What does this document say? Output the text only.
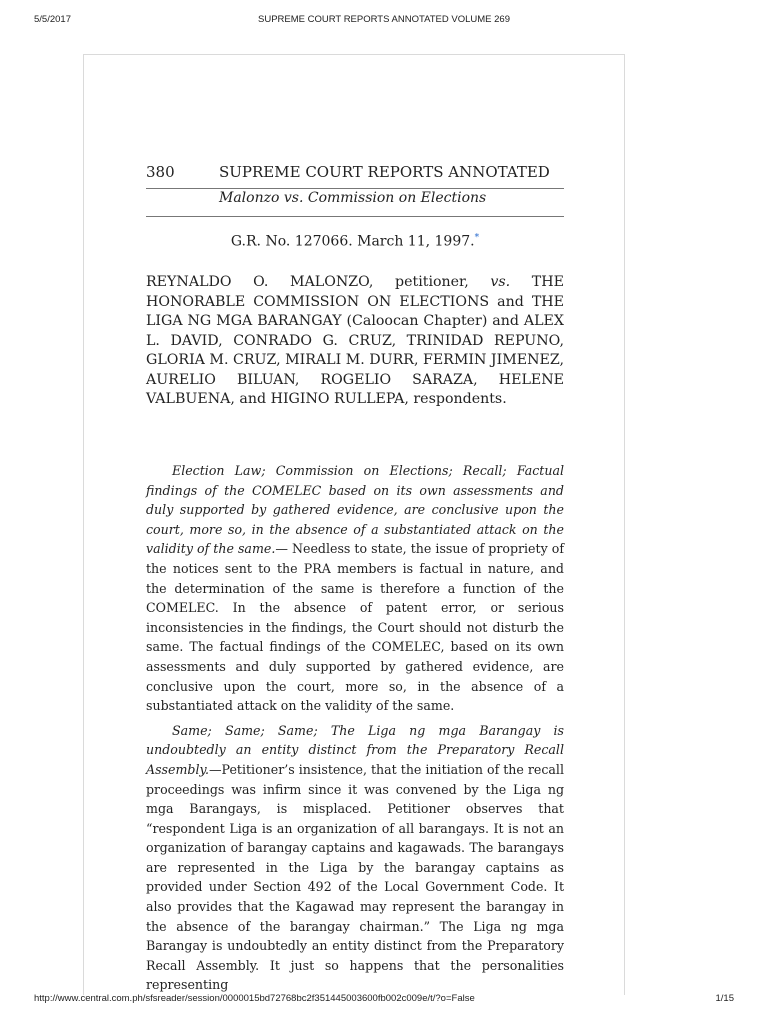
5/5/2017	SUPREME COURT REPORTS ANNOTATED VOLUME 269
380	SUPREME COURT REPORTS ANNOTATED
Malonzo vs. Commission on Elections
G.R. No. 127066. March 11, 1997.*

REYNALDO O. MALONZO, petitioner, vs. THE HONORABLE COMMISSION ON ELECTIONS and THE LIGA NG MGA BARANGAY (Caloocan Chapter) and ALEX L. DAVID, CONRADO G. CRUZ, TRINIDAD REPUNO, GLORIA M. CRUZ, MIRALI M. DURR, FERMIN JIMENEZ, AURELIO BILUAN, ROGELIO SARAZA, HELENE VALBUENA, and HIGINO RULLEPA, respondents.

Election Law; Commission on Elections; Recall; Factual findings of the COMELEC based on its own assessments and duly supported by gathered evidence, are conclusive upon the court, more so, in the absence of a substantiated attack on the validity of the same.— Needless to state, the issue of propriety of the notices sent to the PRA members is factual in nature, and the determination of the same is therefore a function of the COMELEC. In the absence of patent error, or serious inconsistencies in the findings, the Court should not disturb the same. The factual findings of the COMELEC, based on its own assessments and duly supported by gathered evidence, are conclusive upon the court, more so, in the absence of a substantiated attack on the validity of the same.

Same; Same; Same; The Liga ng mga Barangay is undoubtedly an entity distinct from the Preparatory Recall Assembly.—Petitioner’s insistence, that the initiation of the recall proceedings was infirm since it was convened by the Liga ng mga Barangays, is misplaced. Petitioner observes that “respondent Liga is an organization of all barangays. It is not an organization of barangay captains and kagawads. The barangays are represented in the Liga by the barangay captains as provided under Section 492 of the Local Government Code. It also provides that the Kagawad may represent the barangay in the absence of the barangay chairman.” The Liga ng mga Barangay is undoubtedly an entity distinct from the Preparatory Recall Assembly. It just so happens that the personalities representing

http://www.central.com.ph/sfsreader/session/0000015bd72768bc2f351445003600fb002c009e/t/?o=False	1/15
